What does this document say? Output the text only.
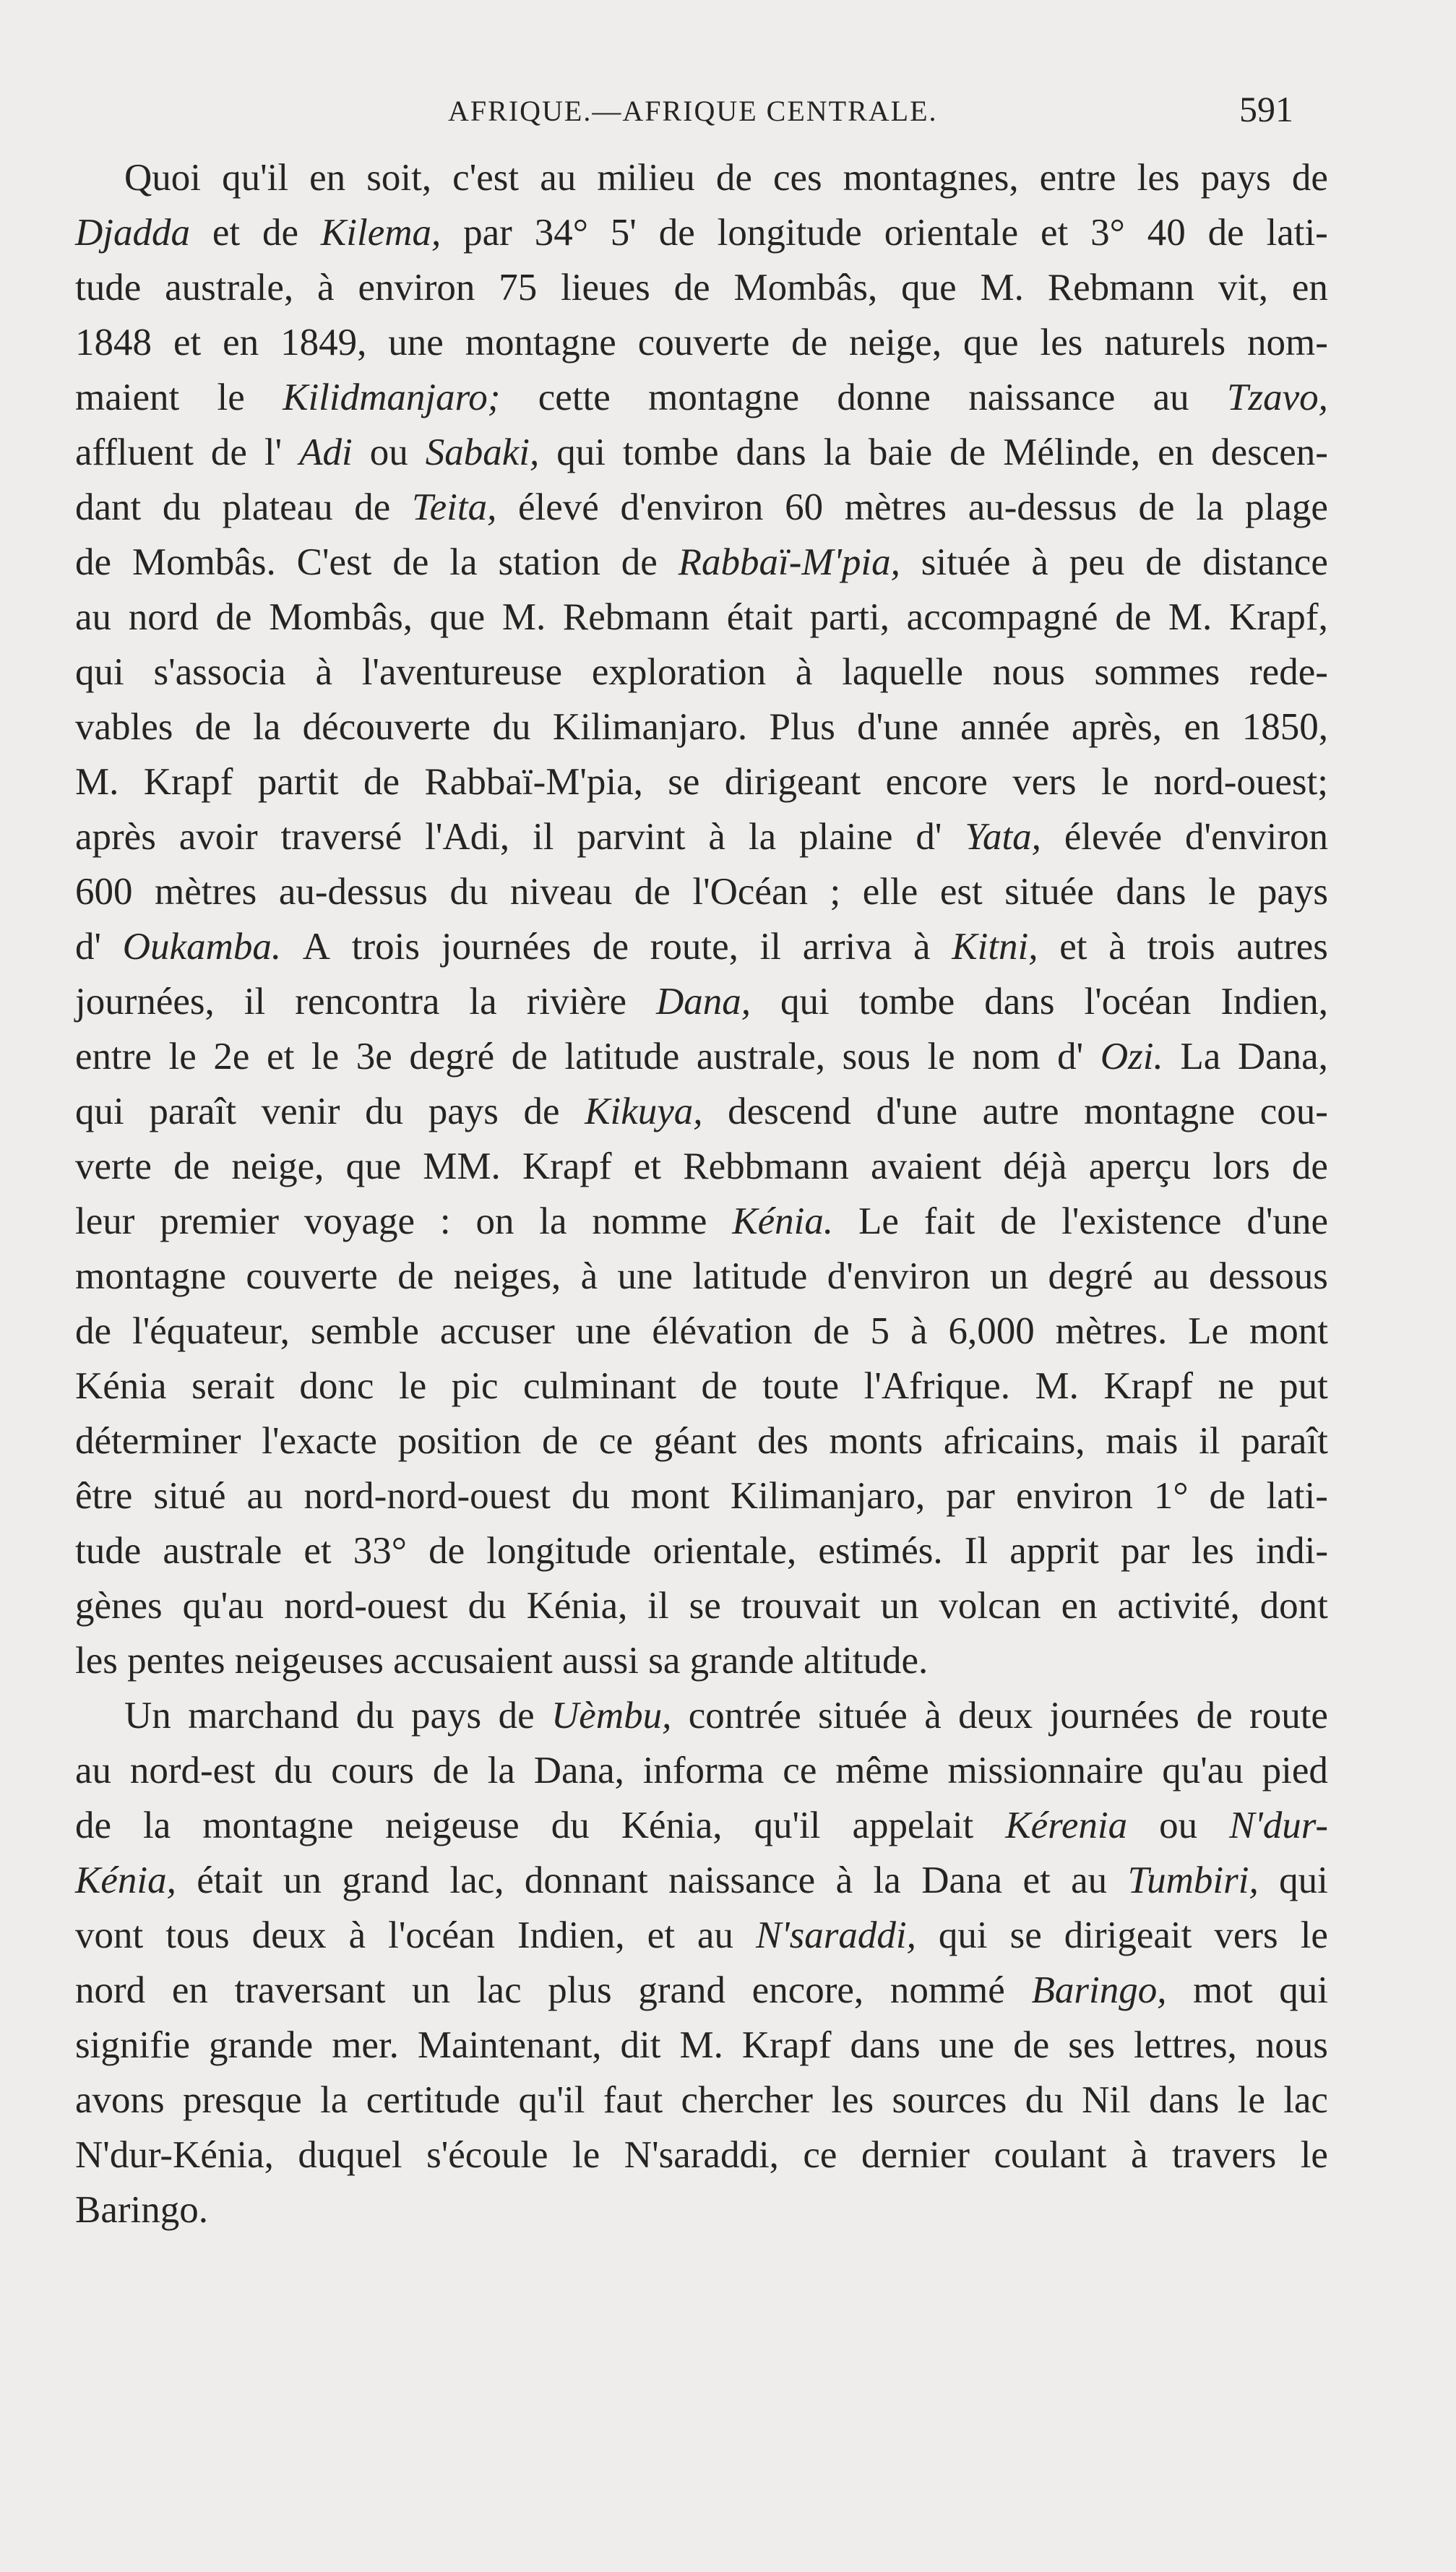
AFRIQUE.—AFRIQUE CENTRALE.	591
Quoi qu'il en soit, c'est au milieu de ces montagnes, entre les pays de
Djadda et de Kilema, par 34° 5' de longitude orientale et 3° 40 de lati-
tude australe, à environ 75 lieues de Mombâs, que M. Rebmann vit, en
1848 et en 1849, une montagne couverte de neige, que les naturels nom-
maient le Kilidmanjaro; cette montagne donne naissance au Tzavo,
affluent de l' Adi ou Sabaki, qui tombe dans la baie de Mélinde, en descen-
dant du plateau de Teita, élevé d'environ 60 mètres au-dessus de la plage
de Mombâs. C'est de la station de Rabbaï-M'pia, située à peu de distance
au nord de Mombâs, que M. Rebmann était parti, accompagné de M. Krapf,
qui s'associa à l'aventureuse exploration à laquelle nous sommes rede-
vables de la découverte du Kilimanjaro. Plus d'une année après, en 1850,
M. Krapf partit de Rabbaï-M'pia, se dirigeant encore vers le nord-ouest;
après avoir traversé l'Adi, il parvint à la plaine d' Yata, élevée d'environ
600 mètres au-dessus du niveau de l'Océan ; elle est située dans le pays
d' Oukamba. A trois journées de route, il arriva à Kitni, et à trois autres
journées, il rencontra la rivière Dana, qui tombe dans l'océan Indien,
entre le 2e et le 3e degré de latitude australe, sous le nom d' Ozi. La Dana,
qui paraît venir du pays de Kikuya, descend d'une autre montagne cou-
verte de neige, que MM. Krapf et Rebbmann avaient déjà aperçu lors de
leur premier voyage : on la nomme Kénia. Le fait de l'existence d'une
montagne couverte de neiges, à une latitude d'environ un degré au dessous
de l'équateur, semble accuser une élévation de 5 à 6,000 mètres. Le mont
Kénia serait donc le pic culminant de toute l'Afrique. M. Krapf ne put
déterminer l'exacte position de ce géant des monts africains, mais il paraît
être situé au nord-nord-ouest du mont Kilimanjaro, par environ 1° de lati-
tude australe et 33° de longitude orientale, estimés. Il apprit par les indi-
gènes qu'au nord-ouest du Kénia, il se trouvait un volcan en activité, dont
les pentes neigeuses accusaient aussi sa grande altitude.
Un marchand du pays de Uèmbu, contrée située à deux journées de route
au nord-est du cours de la Dana, informa ce même missionnaire qu'au pied
de la montagne neigeuse du Kénia, qu'il appelait Kérenia ou N'dur-
Kénia, était un grand lac, donnant naissance à la Dana et au Tumbiri, qui
vont tous deux à l'océan Indien, et au N'saraddi, qui se dirigeait vers le
nord en traversant un lac plus grand encore, nommé Baringo, mot qui
signifie grande mer. Maintenant, dit M. Krapf dans une de ses lettres, nous
avons presque la certitude qu'il faut chercher les sources du Nil dans le lac
N'dur-Kénia, duquel s'écoule le N'saraddi, ce dernier coulant à travers le
Baringo.
